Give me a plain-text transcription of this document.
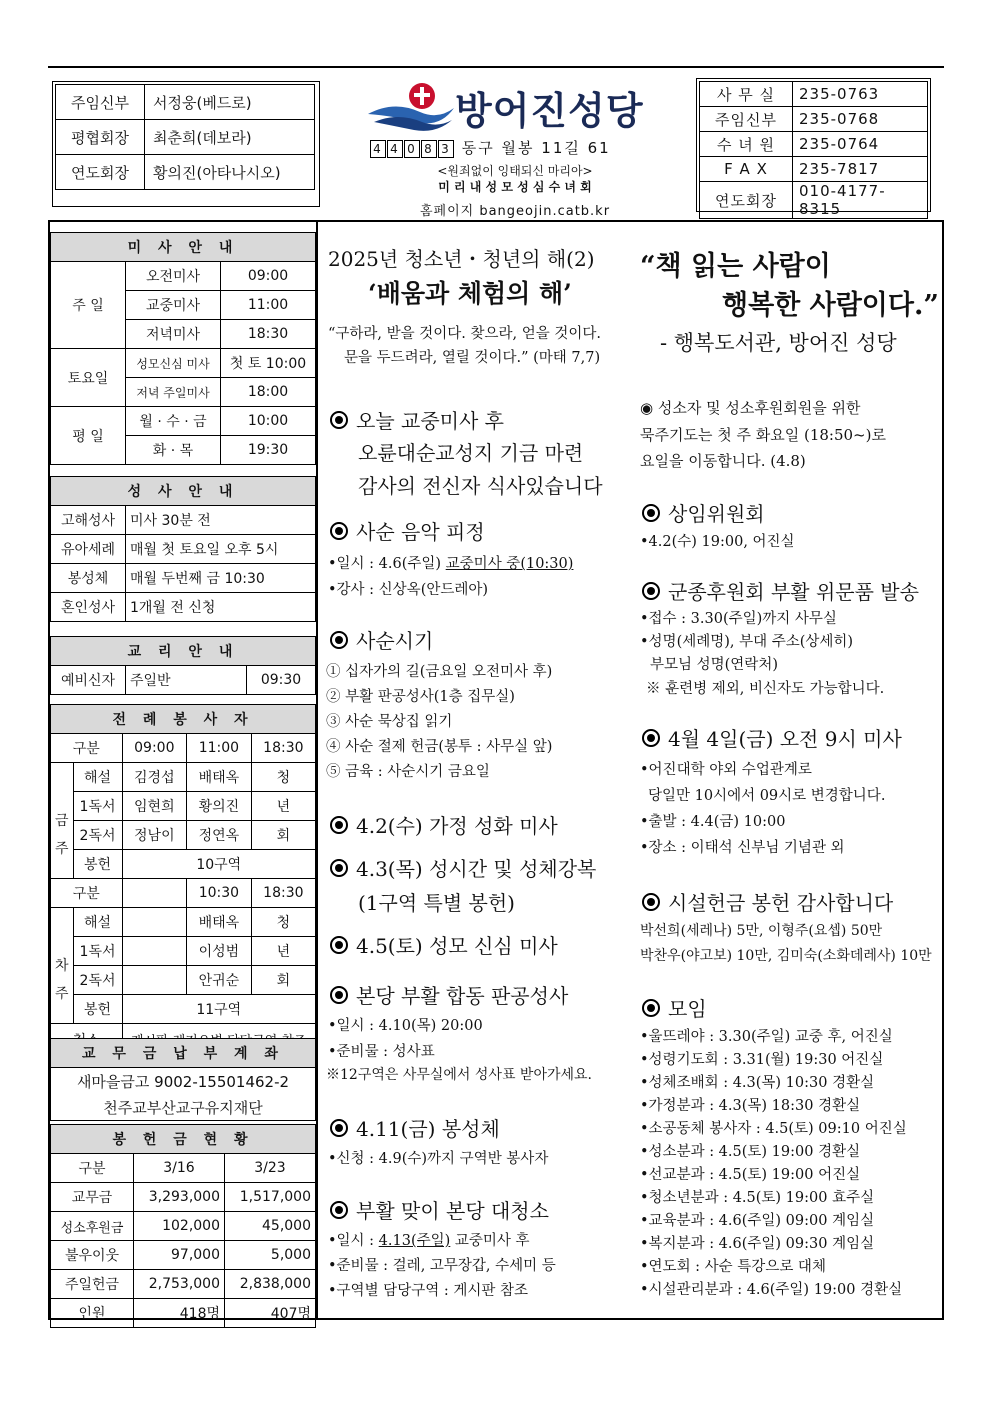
주임신부	서정웅(베드로)
평협회장	최춘희(데보라)
연도회장	황의진(아타나시오)
방어진성당
4 4 0 8 3 동구 월봉 11길 61
<원죄없이 잉태되신 마리아>
미 리 내 성 모 성 심 수 녀 회
홈페이지 bangeojin.catb.kr
사 무 실	235-0763
주임신부	235-0768
수 녀 원	235-0764
F A X	235-7817
연도회장	010-4177-8315
미 사 안 내		
주 일	오전미사	09:00
	교중미사	11:00
	저녁미사	18:30
토요일	성모신심 미사	첫 토 10:00
	저녁 주일미사	18:00
평 일	월 · 수 · 금	10:00
	화 · 목	19:30
성 사 안 내	
고해성사	미사 30분 전
유아세례	매월 첫 토요일 오후 5시
봉성체	매월 두번째 금 10:30
혼인성사	1개월 전 신청
교 리 안 내
예비신자	주일반	09:30
전 례 봉 사 자				
구분		09:00	11:00	18:30

금
주	해설	김경섭	배태옥	청
	1독서	임현희	황의진	년
	2독서	정남이	정연옥	회
	봉헌	10구역		
구분			10:30	18:30

차
주	해설		배태옥	청
	1독서		이성범	년
	2독서		안귀순	회
	봉헌	11구역		

교 무 금 납 부 계 좌
새마을금고 9002-15501462-2
천주교부산교구유지재단
봉 헌 금 현 황		
구분	3/16	3/23
교무금	3,293,000	1,517,000
성소후원금	102,000	45,000
불우이웃	97,000	5,000
주일헌금	2,753,000	2,838,000
인원	418명	407명
2025년 청소년・청년의 해(2)
‘배움과 체험의 해’
“구하라, 받을 것이다. 찾으라, 얻을 것이다.
문을 두드려라, 열릴 것이다.” (마태 7,7)
오늘 교중미사 후
오륜대순교성지 기금 마련
감사의 전신자 식사있습니다
사순 음악 피정
•일시 : 4.6(주일) 교중미사 중(10:30)
•강사 : 신상옥(안드레아)
사순시기
① 십자가의 길(금요일 오전미사 후)
② 부활 판공성사(1층 집무실)
③ 사순 묵상집 읽기
④ 사순 절제 헌금(봉투 : 사무실 앞)
⑤ 금육 : 사순시기 금요일
4.2(수) 가정 성화 미사
4.3(목) 성시간 및 성체강복
(1구역 특별 봉헌)
4.5(토) 성모 신심 미사
본당 부활 합동 판공성사
•일시 : 4.10(목) 20:00
•준비물 : 성사표
※12구역은 사무실에서 성사표 받아가세요.
4.11(금) 봉성체
•신청 : 4.9(수)까지 구역반 봉사자
부활 맞이 본당 대청소
•일시 : 4.13(주일) 교중미사 후
•준비물 : 걸레, 고무장갑, 수세미 등
•구역별 담당구역 : 게시판 참조
“책 읽는 사람이
행복한 사람이다.”
- 행복도서관, 방어진 성당
◉ 성소자 및 성소후원회원을 위한
묵주기도는 첫 주 화요일 (18:50~)로
요일을 이동합니다. (4.8)
상임위원회
•4.2(수) 19:00, 어진실
군종후원회 부활 위문품 발송
•접수 : 3.30(주일)까지 사무실
•성명(세례명), 부대 주소(상세히)
부모님 성명(연락처)
※ 훈련병 제외, 비신자도 가능합니다.
4월 4일(금) 오전 9시 미사
•어진대학 야외 수업관계로
당일만 10시에서 09시로 변경합니다.
•출발 : 4.4(금) 10:00
•장소 : 이태석 신부님 기념관 외
시설헌금 봉헌 감사합니다
박선희(세레나) 5만, 이형주(요셉) 50만
박찬우(야고보) 10만, 김미숙(소화데레사) 10만
모임
•울뜨레야 : 3.30(주일) 교중 후, 어진실
•성령기도회 : 3.31(월) 19:30 어진실
•성체조배회 : 4.3(목) 10:30 경환실
•가정분과 : 4.3(목) 18:30 경환실
•소공동체 봉사자 : 4.5(토) 09:10 어진실
•성소분과 : 4.5(토) 19:00 경환실
•선교분과 : 4.5(토) 19:00 어진실
•청소년분과 : 4.5(토) 19:00 효주실
•교육분과 : 4.6(주일) 09:00 계임실
•복지분과 : 4.6(주일) 09:30 계임실
•연도회 : 사순 특강으로 대체
•시설관리분과 : 4.6(주일) 19:00 경환실
